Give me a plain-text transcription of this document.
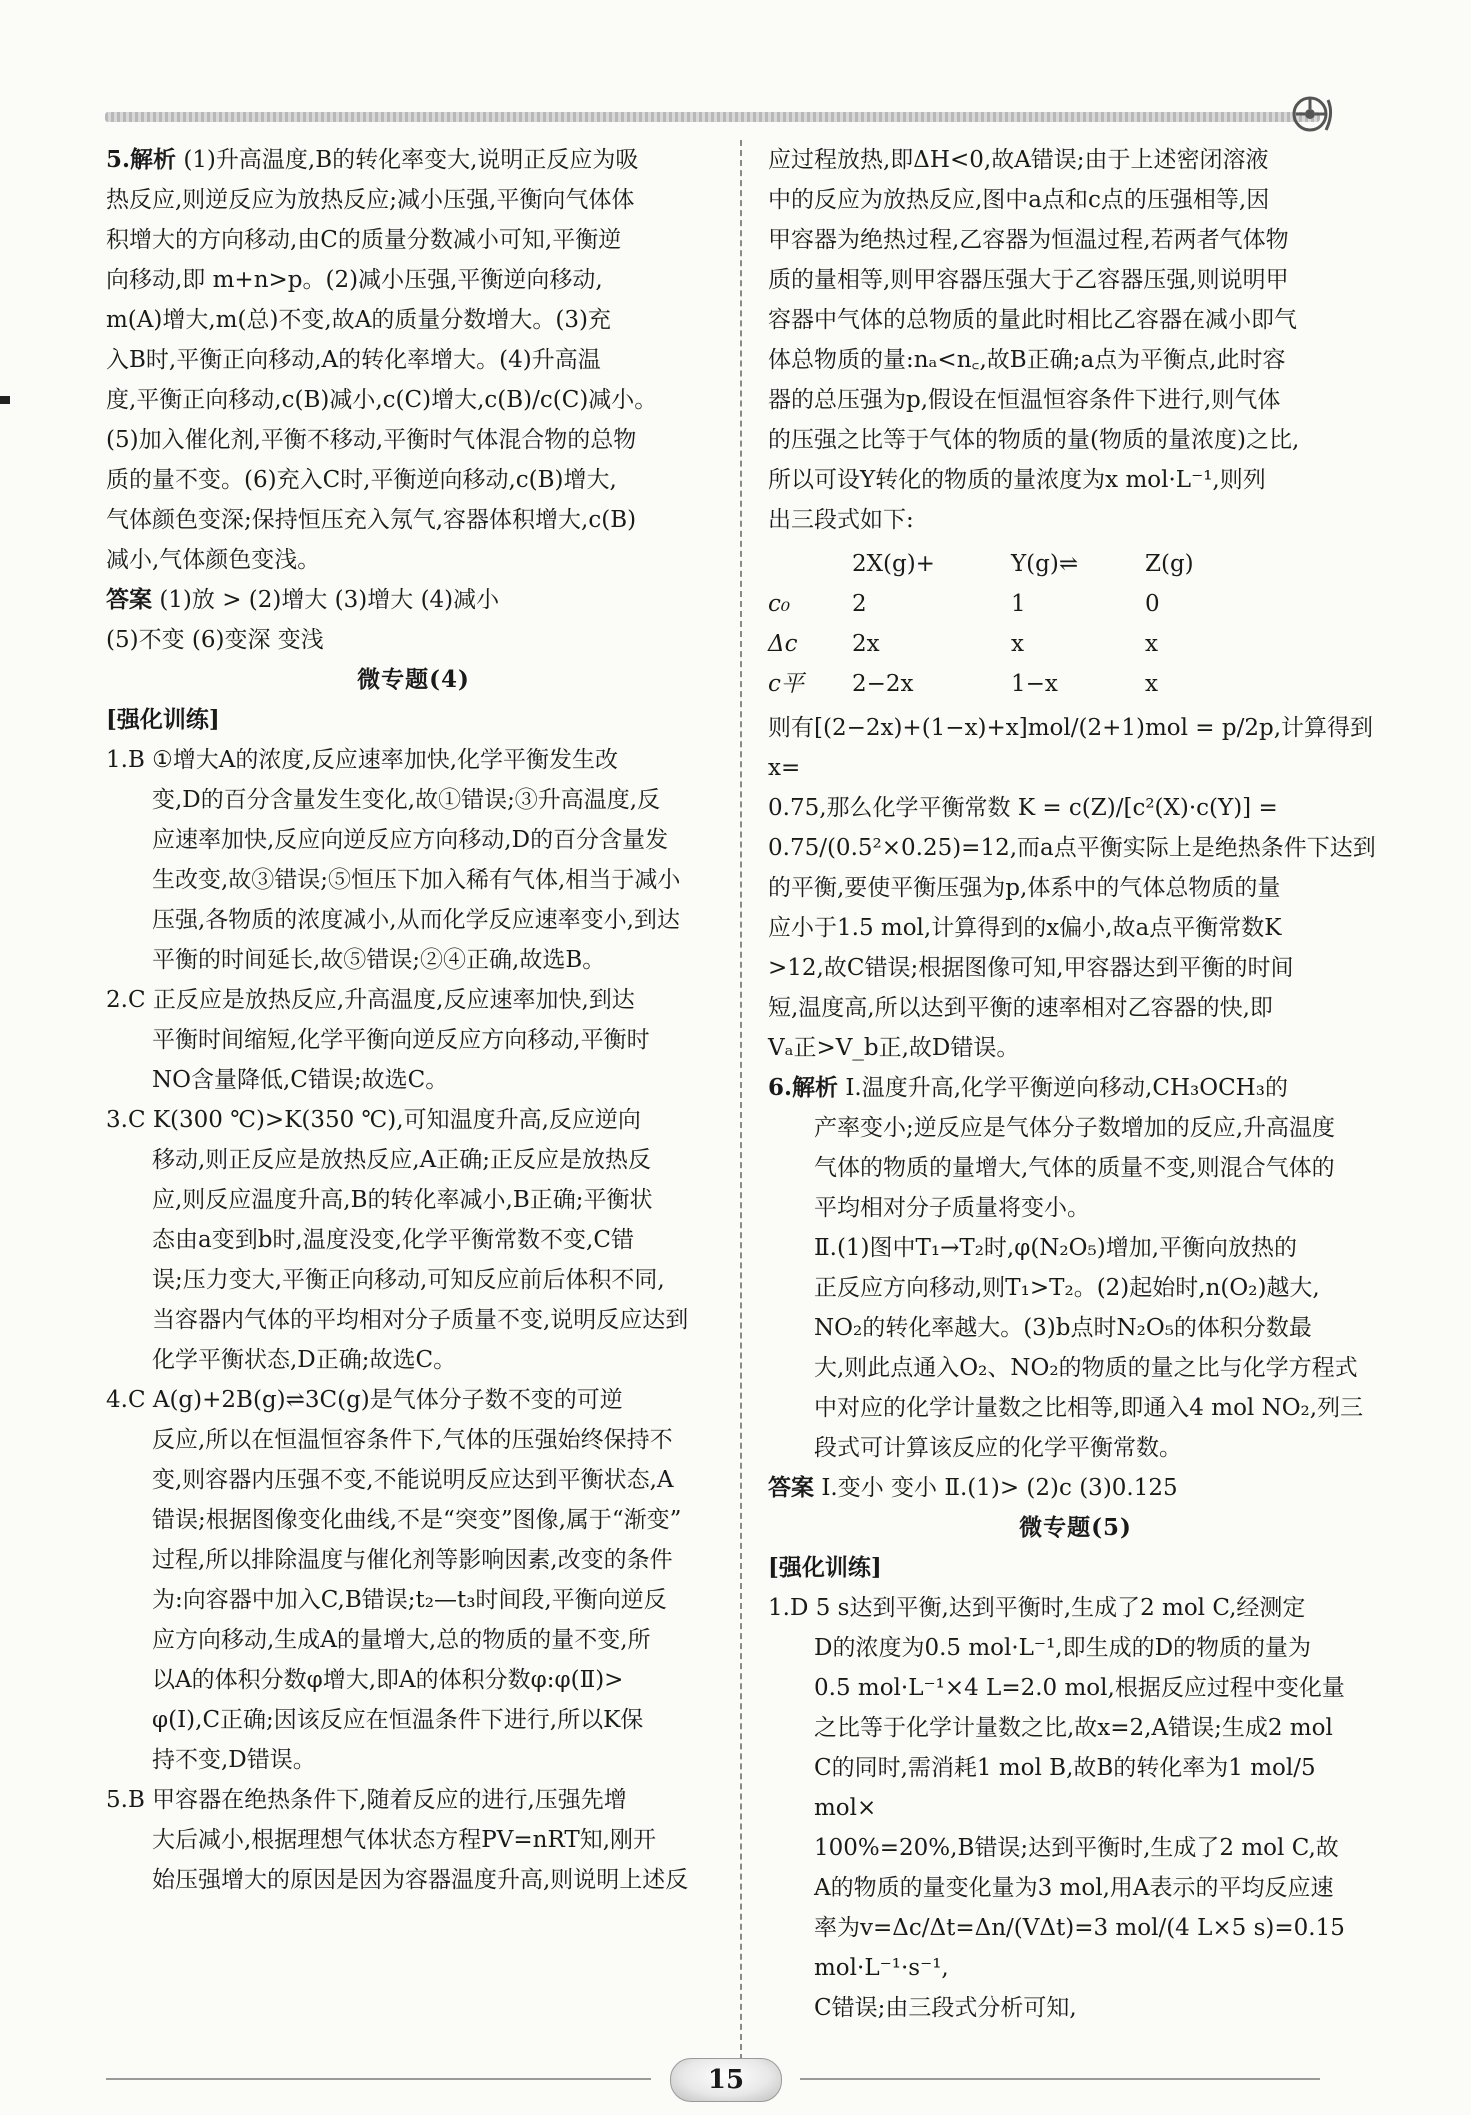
5.解析 (1)升高温度,B的转化率变大,说明正反应为吸

热反应,则逆反应为放热反应;减小压强,平衡向气体体

积增大的方向移动,由C的质量分数减小可知,平衡逆

向移动,即 m+n>p。(2)减小压强,平衡逆向移动,

m(A)增大,m(总)不变,故A的质量分数增大。(3)充

入B时,平衡正向移动,A的转化率增大。(4)升高温

度,平衡正向移动,c(B)减小,c(C)增大,c(B)/c(C)减小。

(5)加入催化剂,平衡不移动,平衡时气体混合物的总物

质的量不变。(6)充入C时,平衡逆向移动,c(B)增大,

气体颜色变深;保持恒压充入氖气,容器体积增大,c(B)

减小,气体颜色变浅。

答案 (1)放 > (2)增大 (3)增大 (4)减小

(5)不变 (6)变深 变浅

微专题(4)

[强化训练]

1.B ①增大A的浓度,反应速率加快,化学平衡发生改

变,D的百分含量发生变化,故①错误;③升高温度,反

应速率加快,反应向逆反应方向移动,D的百分含量发

生改变,故③错误;⑤恒压下加入稀有气体,相当于减小

压强,各物质的浓度减小,从而化学反应速率变小,到达

平衡的时间延长,故⑤错误;②④正确,故选B。

2.C 正反应是放热反应,升高温度,反应速率加快,到达

平衡时间缩短,化学平衡向逆反应方向移动,平衡时

NO含量降低,C错误;故选C。

3.C K(300 ℃)>K(350 ℃),可知温度升高,反应逆向

移动,则正反应是放热反应,A正确;正反应是放热反

应,则反应温度升高,B的转化率减小,B正确;平衡状

态由a变到b时,温度没变,化学平衡常数不变,C错

误;压力变大,平衡正向移动,可知反应前后体积不同,

当容器内气体的平均相对分子质量不变,说明反应达到

化学平衡状态,D正确;故选C。

4.C A(g)+2B(g)⇌3C(g)是气体分子数不变的可逆

反应,所以在恒温恒容条件下,气体的压强始终保持不

变,则容器内压强不变,不能说明反应达到平衡状态,A

错误;根据图像变化曲线,不是“突变”图像,属于“渐变”

过程,所以排除温度与催化剂等影响因素,改变的条件

为:向容器中加入C,B错误;t₂—t₃时间段,平衡向逆反

应方向移动,生成A的量增大,总的物质的量不变,所

以A的体积分数φ增大,即A的体积分数φ:φ(Ⅱ)>

φ(Ⅰ),C正确;因该反应在恒温条件下进行,所以K保

持不变,D错误。

5.B 甲容器在绝热条件下,随着反应的进行,压强先增

大后减小,根据理想气体状态方程PV=nRT知,刚开

始压强增大的原因是因为容器温度升高,则说明上述反

应过程放热,即ΔH<0,故A错误;由于上述密闭溶液

中的反应为放热反应,图中a点和c点的压强相等,因

甲容器为绝热过程,乙容器为恒温过程,若两者气体物

质的量相等,则甲容器压强大于乙容器压强,则说明甲

容器中气体的总物质的量此时相比乙容器在减小即气

体总物质的量:nₐ<n꜀,故B正确;a点为平衡点,此时容

器的总压强为p,假设在恒温恒容条件下进行,则气体

的压强之比等于气体的物质的量(物质的量浓度)之比,

所以可设Y转化的物质的量浓度为x mol·L⁻¹,则列

出三段式如下:

	2X(g)+	Y(g)⇌	Z(g)
c₀	2	1	0
Δc	2x	x	x
c平	2−2x	1−x	x

则有[(2−2x)+(1−x)+x]mol/(2+1)mol = p/2p,计算得到 x=

0.75,那么化学平衡常数 K = c(Z)/[c²(X)·c(Y)] =

0.75/(0.5²×0.25)=12,而a点平衡实际上是绝热条件下达到

的平衡,要使平衡压强为p,体系中的气体总物质的量

应小于1.5 mol,计算得到的x偏小,故a点平衡常数K

>12,故C错误;根据图像可知,甲容器达到平衡的时间

短,温度高,所以达到平衡的速率相对乙容器的快,即

Vₐ正>V_b正,故D错误。

6.解析 Ⅰ.温度升高,化学平衡逆向移动,CH₃OCH₃的

产率变小;逆反应是气体分子数增加的反应,升高温度

气体的物质的量增大,气体的质量不变,则混合气体的

平均相对分子质量将变小。

Ⅱ.(1)图中T₁→T₂时,φ(N₂O₅)增加,平衡向放热的

正反应方向移动,则T₁>T₂。(2)起始时,n(O₂)越大,

NO₂的转化率越大。(3)b点时N₂O₅的体积分数最

大,则此点通入O₂、NO₂的物质的量之比与化学方程式

中对应的化学计量数之比相等,即通入4 mol NO₂,列三

段式可计算该反应的化学平衡常数。

答案 Ⅰ.变小 变小 Ⅱ.(1)> (2)c (3)0.125

微专题(5)

[强化训练]

1.D 5 s达到平衡,达到平衡时,生成了2 mol C,经测定

D的浓度为0.5 mol·L⁻¹,即生成的D的物质的量为

0.5 mol·L⁻¹×4 L=2.0 mol,根据反应过程中变化量

之比等于化学计量数之比,故x=2,A错误;生成2 mol

C的同时,需消耗1 mol B,故B的转化率为1 mol/5 mol×

100%=20%,B错误;达到平衡时,生成了2 mol C,故

A的物质的量变化量为3 mol,用A表示的平均反应速

率为v=Δc/Δt=Δn/(VΔt)=3 mol/(4 L×5 s)=0.15 mol·L⁻¹·s⁻¹,

C错误;由三段式分析可知,

15
